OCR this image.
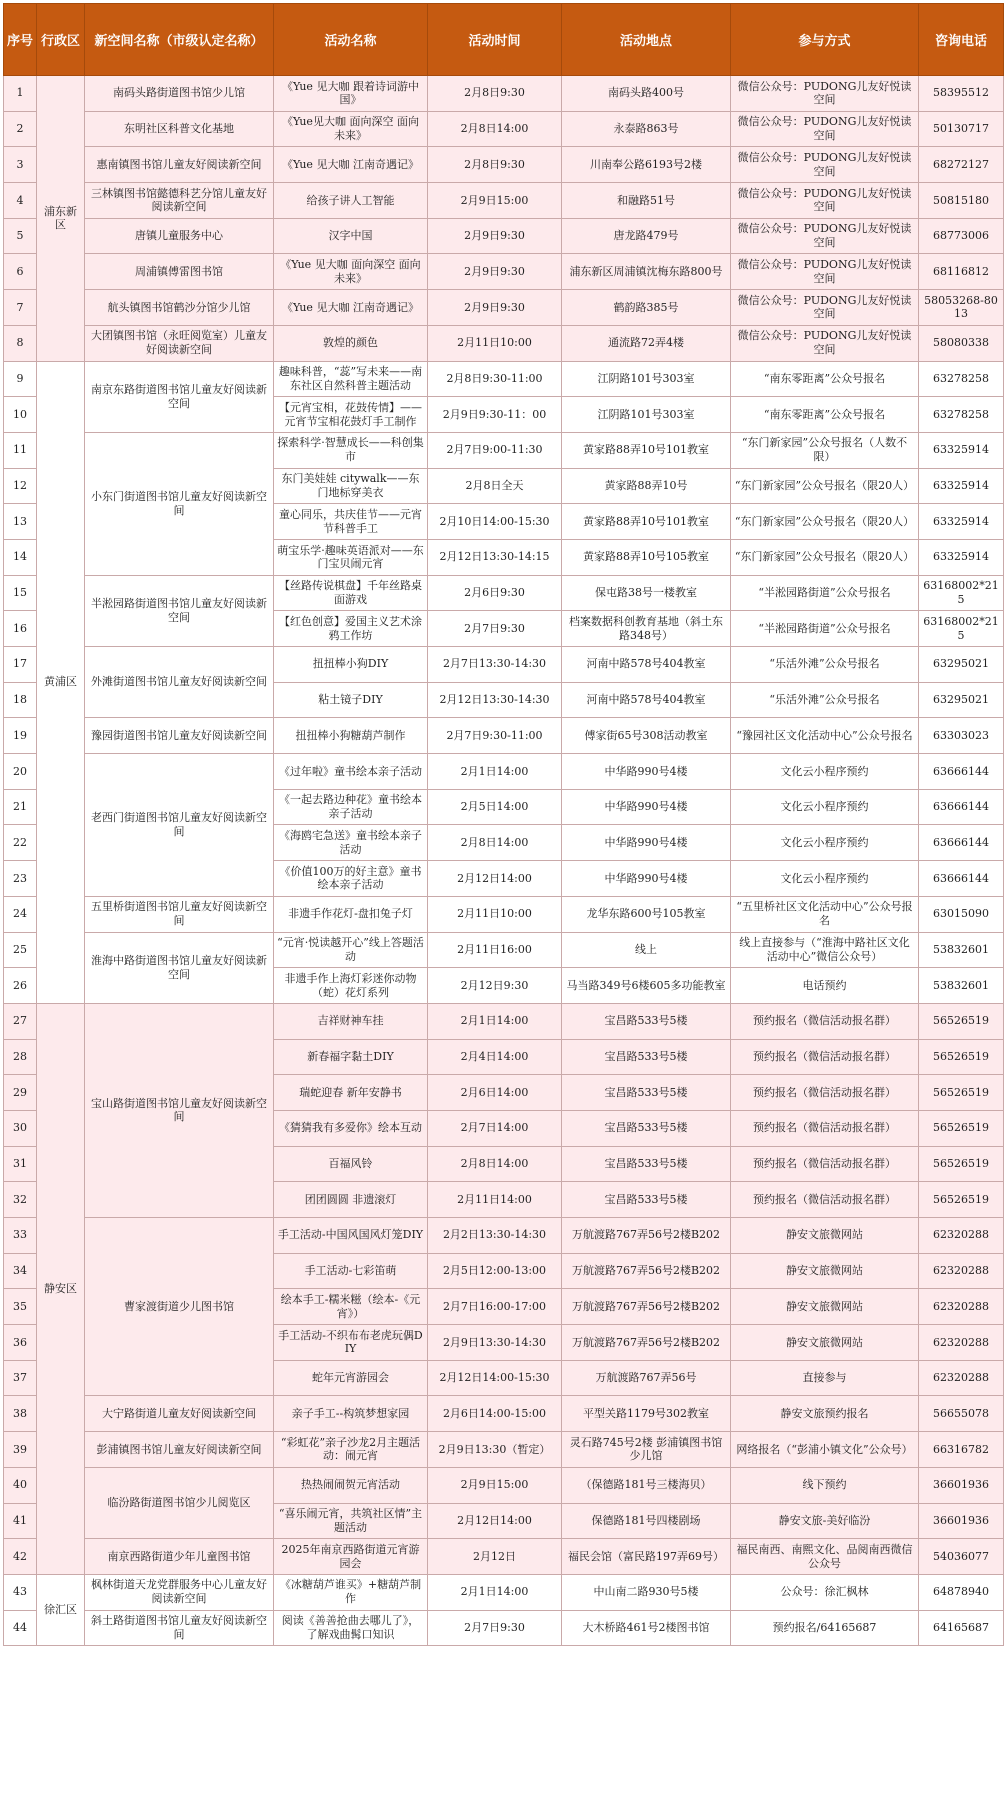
序号	行政区	新空间名称（市级认定名称）	活动名称	活动时间	活动地点	参与方式	咨询电话
1	浦东新区	南码头路街道图书馆少儿馆	《Yue 见大咖 跟着诗词游中国》	2月8日9:30	南码头路400号	微信公众号：PUDONG儿友好悦读空间	58395512
2		东明社区科普文化基地	《Yue见大咖 面向深空 面向未来》	2月8日14:00	永泰路863号	微信公众号：PUDONG儿友好悦读空间	50130717
3		惠南镇图书馆儿童友好阅读新空间	《Yue 见大咖 江南奇遇记》	2月8日9:30	川南奉公路6193号2楼	微信公众号：PUDONG儿友好悦读空间	68272127
4		三林镇图书馆懿德科艺分馆儿童友好阅读新空间	给孩子讲人工智能	2月9日15:00	和融路51号	微信公众号：PUDONG儿友好悦读空间	50815180
5		唐镇儿童服务中心	汉字中国	2月9日9:30	唐龙路479号	微信公众号：PUDONG儿友好悦读空间	68773006
6		周浦镇傅雷图书馆	《Yue 见大咖 面向深空 面向未来》	2月9日9:30	浦东新区周浦镇沈梅东路800号	微信公众号：PUDONG儿友好悦读空间	68116812
7		航头镇图书馆鹤沙分馆少儿馆	《Yue 见大咖 江南奇遇记》	2月9日9:30	鹤韵路385号	微信公众号：PUDONG儿友好悦读空间	58053268-8013
8		大团镇图书馆（永旺阅览室）儿童友好阅读新空间	敦煌的颜色	2月11日10:00	通流路72弄4楼	微信公众号：PUDONG儿友好悦读空间	58080338
9	黄浦区	南京东路街道图书馆儿童友好阅读新空间	趣味科普，“蕊”写未来——南东社区自然科普主题活动	2月8日9:30-11:00	江阴路101号303室	“南东零距离”公众号报名	63278258
10			【元宵宝相，花鼓传情】——元宵节宝相花鼓灯手工制作	2月9日9:30-11：00	江阴路101号303室	“南东零距离”公众号报名	63278258
11		小东门街道图书馆儿童友好阅读新空间	探索科学·智慧成长——科创集市	2月7日9:00-11:30	黄家路88弄10号101教室	“东门新家园”公众号报名（人数不限）	63325914
12			东门美娃娃 citywalk——东门地标穿美衣	2月8日全天	黄家路88弄10号	“东门新家园”公众号报名（限20人）	63325914
13			童心同乐，共庆佳节——元宵节科普手工	2月10日14:00-15:30	黄家路88弄10号101教室	“东门新家园”公众号报名（限20人）	63325914
14			萌宝乐学·趣味英语派对——东门宝贝闹元宵	2月12日13:30-14:15	黄家路88弄10号105教室	“东门新家园”公众号报名（限20人）	63325914
15		半淞园路街道图书馆儿童友好阅读新空间	【丝路传说棋盘】千年丝路桌面游戏	2月6日9:30	保屯路38号一楼教室	“半淞园路街道”公众号报名	63168002*215
16			【红色创意】爱国主义艺术涂鸦工作坊	2月7日9:30	档案数据科创教育基地（斜土东路348号）	“半淞园路街道”公众号报名	63168002*215
17		外滩街道图书馆儿童友好阅读新空间	扭扭棒小狗DIY	2月7日13:30-14:30	河南中路578号404教室	“乐活外滩”公众号报名	63295021
18			粘土镜子DIY	2月12日13:30-14:30	河南中路578号404教室	“乐活外滩”公众号报名	63295021
19		豫园街道图书馆儿童友好阅读新空间	扭扭棒小狗糖葫芦制作	2月7日9:30-11:00	傅家街65号308活动教室	“豫园社区文化活动中心”公众号报名	63303023
20		老西门街道图书馆儿童友好阅读新空间	《过年啦》童书绘本亲子活动	2月1日14:00	中华路990号4楼	文化云小程序预约	63666144
21			《一起去路边种花》童书绘本亲子活动	2月5日14:00	中华路990号4楼	文化云小程序预约	63666144
22			《海鸥宅急送》童书绘本亲子活动	2月8日14:00	中华路990号4楼	文化云小程序预约	63666144
23			《价值100万的好主意》童书绘本亲子活动	2月12日14:00	中华路990号4楼	文化云小程序预约	63666144
24		五里桥街道图书馆儿童友好阅读新空间	非遗手作花灯-盘扣兔子灯	2月11日10:00	龙华东路600号105教室	“五里桥社区文化活动中心”公众号报名	63015090
25		淮海中路街道图书馆儿童友好阅读新空间	“元宵·悦读越开心”线上答题活动	2月11日16:00	线上	线上直接参与（“淮海中路社区文化活动中心”微信公众号）	53832601
26			非遗手作上海灯彩迷你动物（蛇）花灯系列	2月12日9:30	马当路349号6楼605多功能教室	电话预约	53832601
27	静安区	宝山路街道图书馆儿童友好阅读新空间	吉祥财神车挂	2月1日14:00	宝昌路533号5楼	预约报名（微信活动报名群）	56526519
28			新春福字黏土DIY	2月4日14:00	宝昌路533号5楼	预约报名（微信活动报名群）	56526519
29			瑞蛇迎春 新年安静书	2月6日14:00	宝昌路533号5楼	预约报名（微信活动报名群）	56526519
30			《猜猜我有多爱你》绘本互动	2月7日14:00	宝昌路533号5楼	预约报名（微信活动报名群）	56526519
31			百福风铃	2月8日14:00	宝昌路533号5楼	预约报名（微信活动报名群）	56526519
32			团团圆圆 非遗滚灯	2月11日14:00	宝昌路533号5楼	预约报名（微信活动报名群）	56526519
33		曹家渡街道少儿图书馆	手工活动-中国风国风灯笼DIY	2月2日13:30-14:30	万航渡路767弄56号2楼B202	静安文旅微网站	62320288
34			手工活动-七彩笛萌	2月5日12:00-13:00	万航渡路767弄56号2楼B202	静安文旅微网站	62320288
35			绘本手工-糯米糍（绘本-《元宵》）	2月7日16:00-17:00	万航渡路767弄56号2楼B202	静安文旅微网站	62320288
36			手工活动-不织布布老虎玩偶DIY	2月9日13:30-14:30	万航渡路767弄56号2楼B202	静安文旅微网站	62320288
37			蛇年元宵游园会	2月12日14:00-15:30	万航渡路767弄56号	直接参与	62320288
38		大宁路街道儿童友好阅读新空间	亲子手工--构筑梦想家园	2月6日14:00-15:00	平型关路1179号302教室	静安文旅预约报名	56655078
39		彭浦镇图书馆儿童友好阅读新空间	“彩虹花”亲子沙龙2月主题活动：闹元宵	2月9日13:30（暂定）	灵石路745号2楼 彭浦镇图书馆少儿馆	网络报名（“彭浦小镇文化”公众号）	66316782
40		临汾路街道图书馆少儿阅览区	热热闹闹贺元宵活动	2月9日15:00	（保德路181号三楼海贝）	线下预约	36601936
41			“喜乐闹元宵，共筑社区情”主题活动	2月12日14:00	保德路181号四楼剧场	静安文旅-美好临汾	36601936
42		南京西路街道少年儿童图书馆	2025年南京西路街道元宵游园会	2月12日	福民会馆（富民路197弄69号）	福民南西、南熙文化、品阅南西微信公众号	54036077
43	徐汇区	枫林街道天龙党群服务中心儿童友好阅读新空间	《冰糖葫芦谁买》+糖葫芦制作	2月1日14:00	中山南二路930号5楼	公众号：徐汇枫林	64878940
44		斜土路街道图书馆儿童友好阅读新空间	阅读《善善抢曲去哪儿了》，了解戏曲髯口知识	2月7日9:30	大木桥路461号2楼图书馆	预约报名/64165687	64165687
